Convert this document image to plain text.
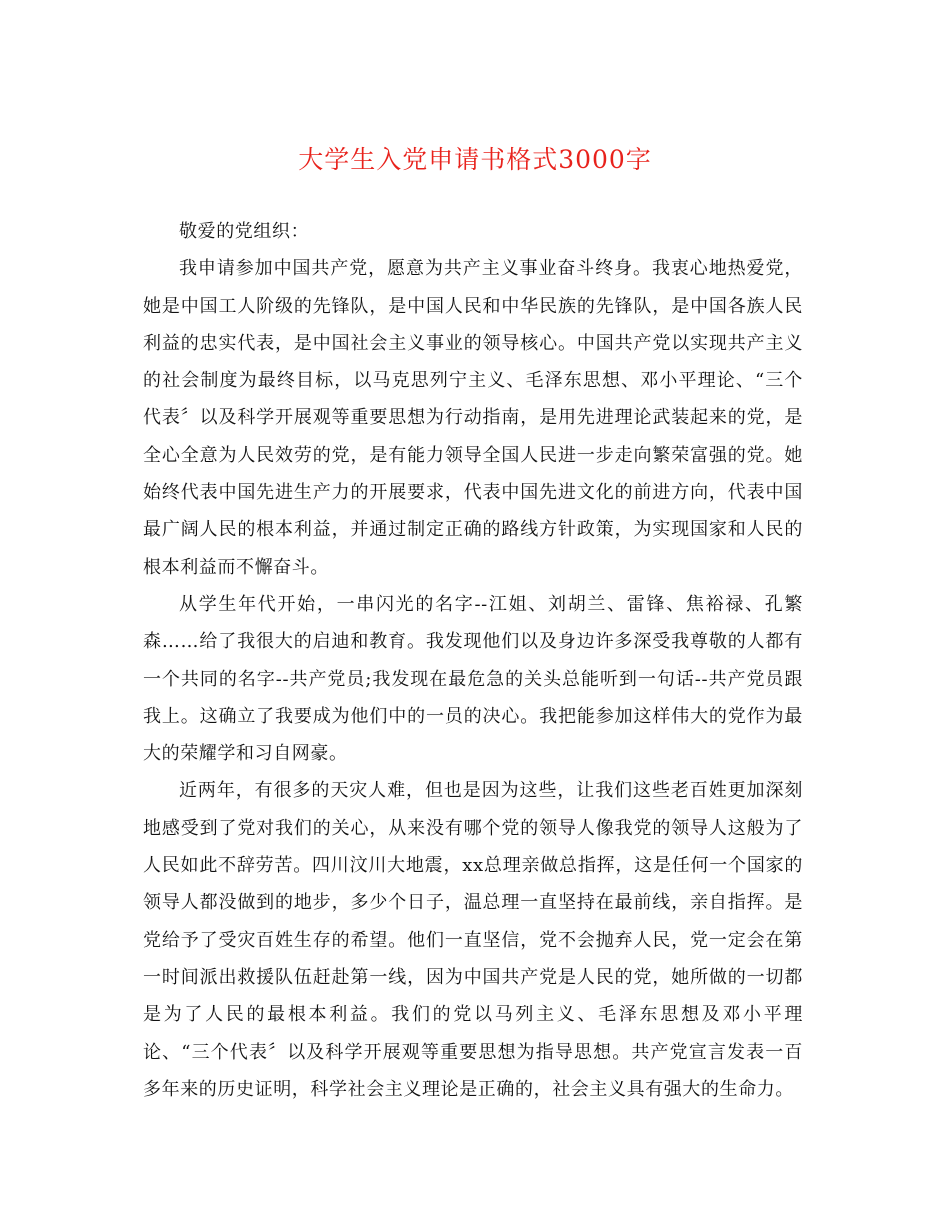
大学生入党申请书格式3000字

敬爱的党组织：

我申请参加中国共产党，愿意为共产主义事业奋斗终身。我衷心地热爱党，她是中国工人阶级的先锋队，是中国人民和中华民族的先锋队，是中国各族人民利益的忠实代表，是中国社会主义事业的领导核心。中国共产党以实现共产主义的社会制度为最终目标，以马克思列宁主义、毛泽东思想、邓小平理论、“三个代表〞以及科学开展观等重要思想为行动指南，是用先进理论武装起来的党，是全心全意为人民效劳的党，是有能力领导全国人民进一步走向繁荣富强的党。她始终代表中国先进生产力的开展要求，代表中国先进文化的前进方向，代表中国最广阔人民的根本利益，并通过制定正确的路线方针政策，为实现国家和人民的根本利益而不懈奋斗。

从学生年代开始，一串闪光的名字--江姐、刘胡兰、雷锋、焦裕禄、孔繁森……给了我很大的启迪和教育。我发现他们以及身边许多深受我尊敬的人都有一个共同的名字--共产党员;我发现在最危急的关头总能听到一句话--共产党员跟我上。这确立了我要成为他们中的一员的决心。我把能参加这样伟大的党作为最大的荣耀学和习自网豪。

近两年，有很多的天灾人难，但也是因为这些，让我们这些老百姓更加深刻地感受到了党对我们的关心，从来没有哪个党的领导人像我党的领导人这般为了人民如此不辞劳苦。四川汶川大地震，xx总理亲做总指挥，这是任何一个国家的领导人都没做到的地步，多少个日子，温总理一直坚持在最前线，亲自指挥。是党给予了受灾百姓生存的希望。他们一直坚信，党不会抛弃人民，党一定会在第一时间派出救援队伍赶赴第一线，因为中国共产党是人民的党，她所做的一切都是为了人民的最根本利益。我们的党以马列主义、毛泽东思想及邓小平理论、“三个代表〞以及科学开展观等重要思想为指导思想。共产党宣言发表一百多年来的历史证明，科学社会主义理论是正确的，社会主义具有强大的生命力。
